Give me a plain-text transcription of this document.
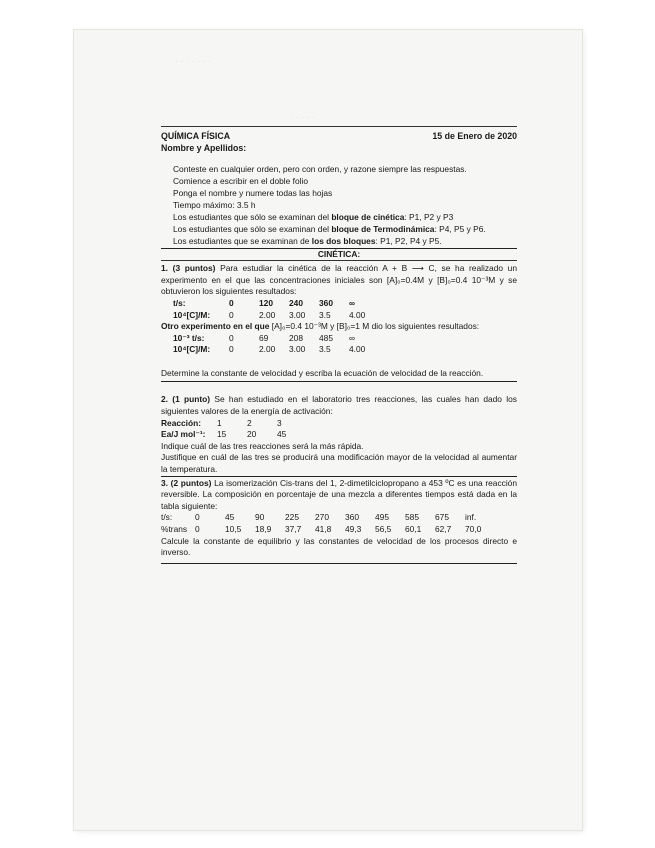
· · · · · · ·
· · · · ·
QUÍMICA FÍSICA	15 de Enero de 2020
Nombre y Apellidos:
Conteste en cualquier orden, pero con orden, y razone siempre las respuestas.
Comience a escribir en el doble folio
Ponga el nombre y numere todas las hojas
Tiempo máximo: 3.5 h
Los estudiantes que sólo se examinan del bloque de cinética: P1, P2 y P3
Los estudiantes que sólo se examinan del bloque de Termodinámica: P4, P5 y P6.
Los estudiantes que se examinan de los dos bloques: P1, P2, P4 y P5.
CINÉTICA:
1. (3 puntos) Para estudiar la cinética de la reacción A + B ⟶ C, se ha realizado un experimento en el que las concentraciones iniciales son [A]₀=0.4M y [B]₀=0.4 10⁻³M y se obtuvieron los siguientes resultados:
t/s:	0	120 240 360 ∞
10⁴[C]/M:	0	2.00 3.00 3.5 4.00
Otro experimento en el que [A]₀=0.4 10⁻³M y [B]₀=1 M dio los siguientes resultados:
10⁻³ t/s:	0	69 208 485 ∞
10⁴[C]/M:	0	2.00 3.00 3.5 4.00
Determine la constante de velocidad y escriba la ecuación de velocidad de la reacción.
2. (1 punto) Se han estudiado en el laboratorio tres reacciones, las cuales han dado los siguientes valores de la energía de activación:
Reacción:	1	2	3
Ea/J mol⁻¹:	15 20 45
Indique cuál de las tres reacciones será la más rápida.
Justifique en cuál de las tres se producirá una modificación mayor de la velocidad al aumentar la temperatura.
3. (2 puntos) La isomerización Cis-trans del 1, 2-dimetilciclopropano a 453 ºC es una reacción reversible. La composición en porcentaje de una mezcla a diferentes tiempos está dada en la tabla siguiente:
t/s:	0	45 90 225 270 360 495 585 675 inf.
%trans 0	10,5 18,9 37,7 41,8 49,3 56,5 60,1 62,7 70,0
Calcule la constante de equilibrio y las constantes de velocidad de los procesos directo e inverso.
